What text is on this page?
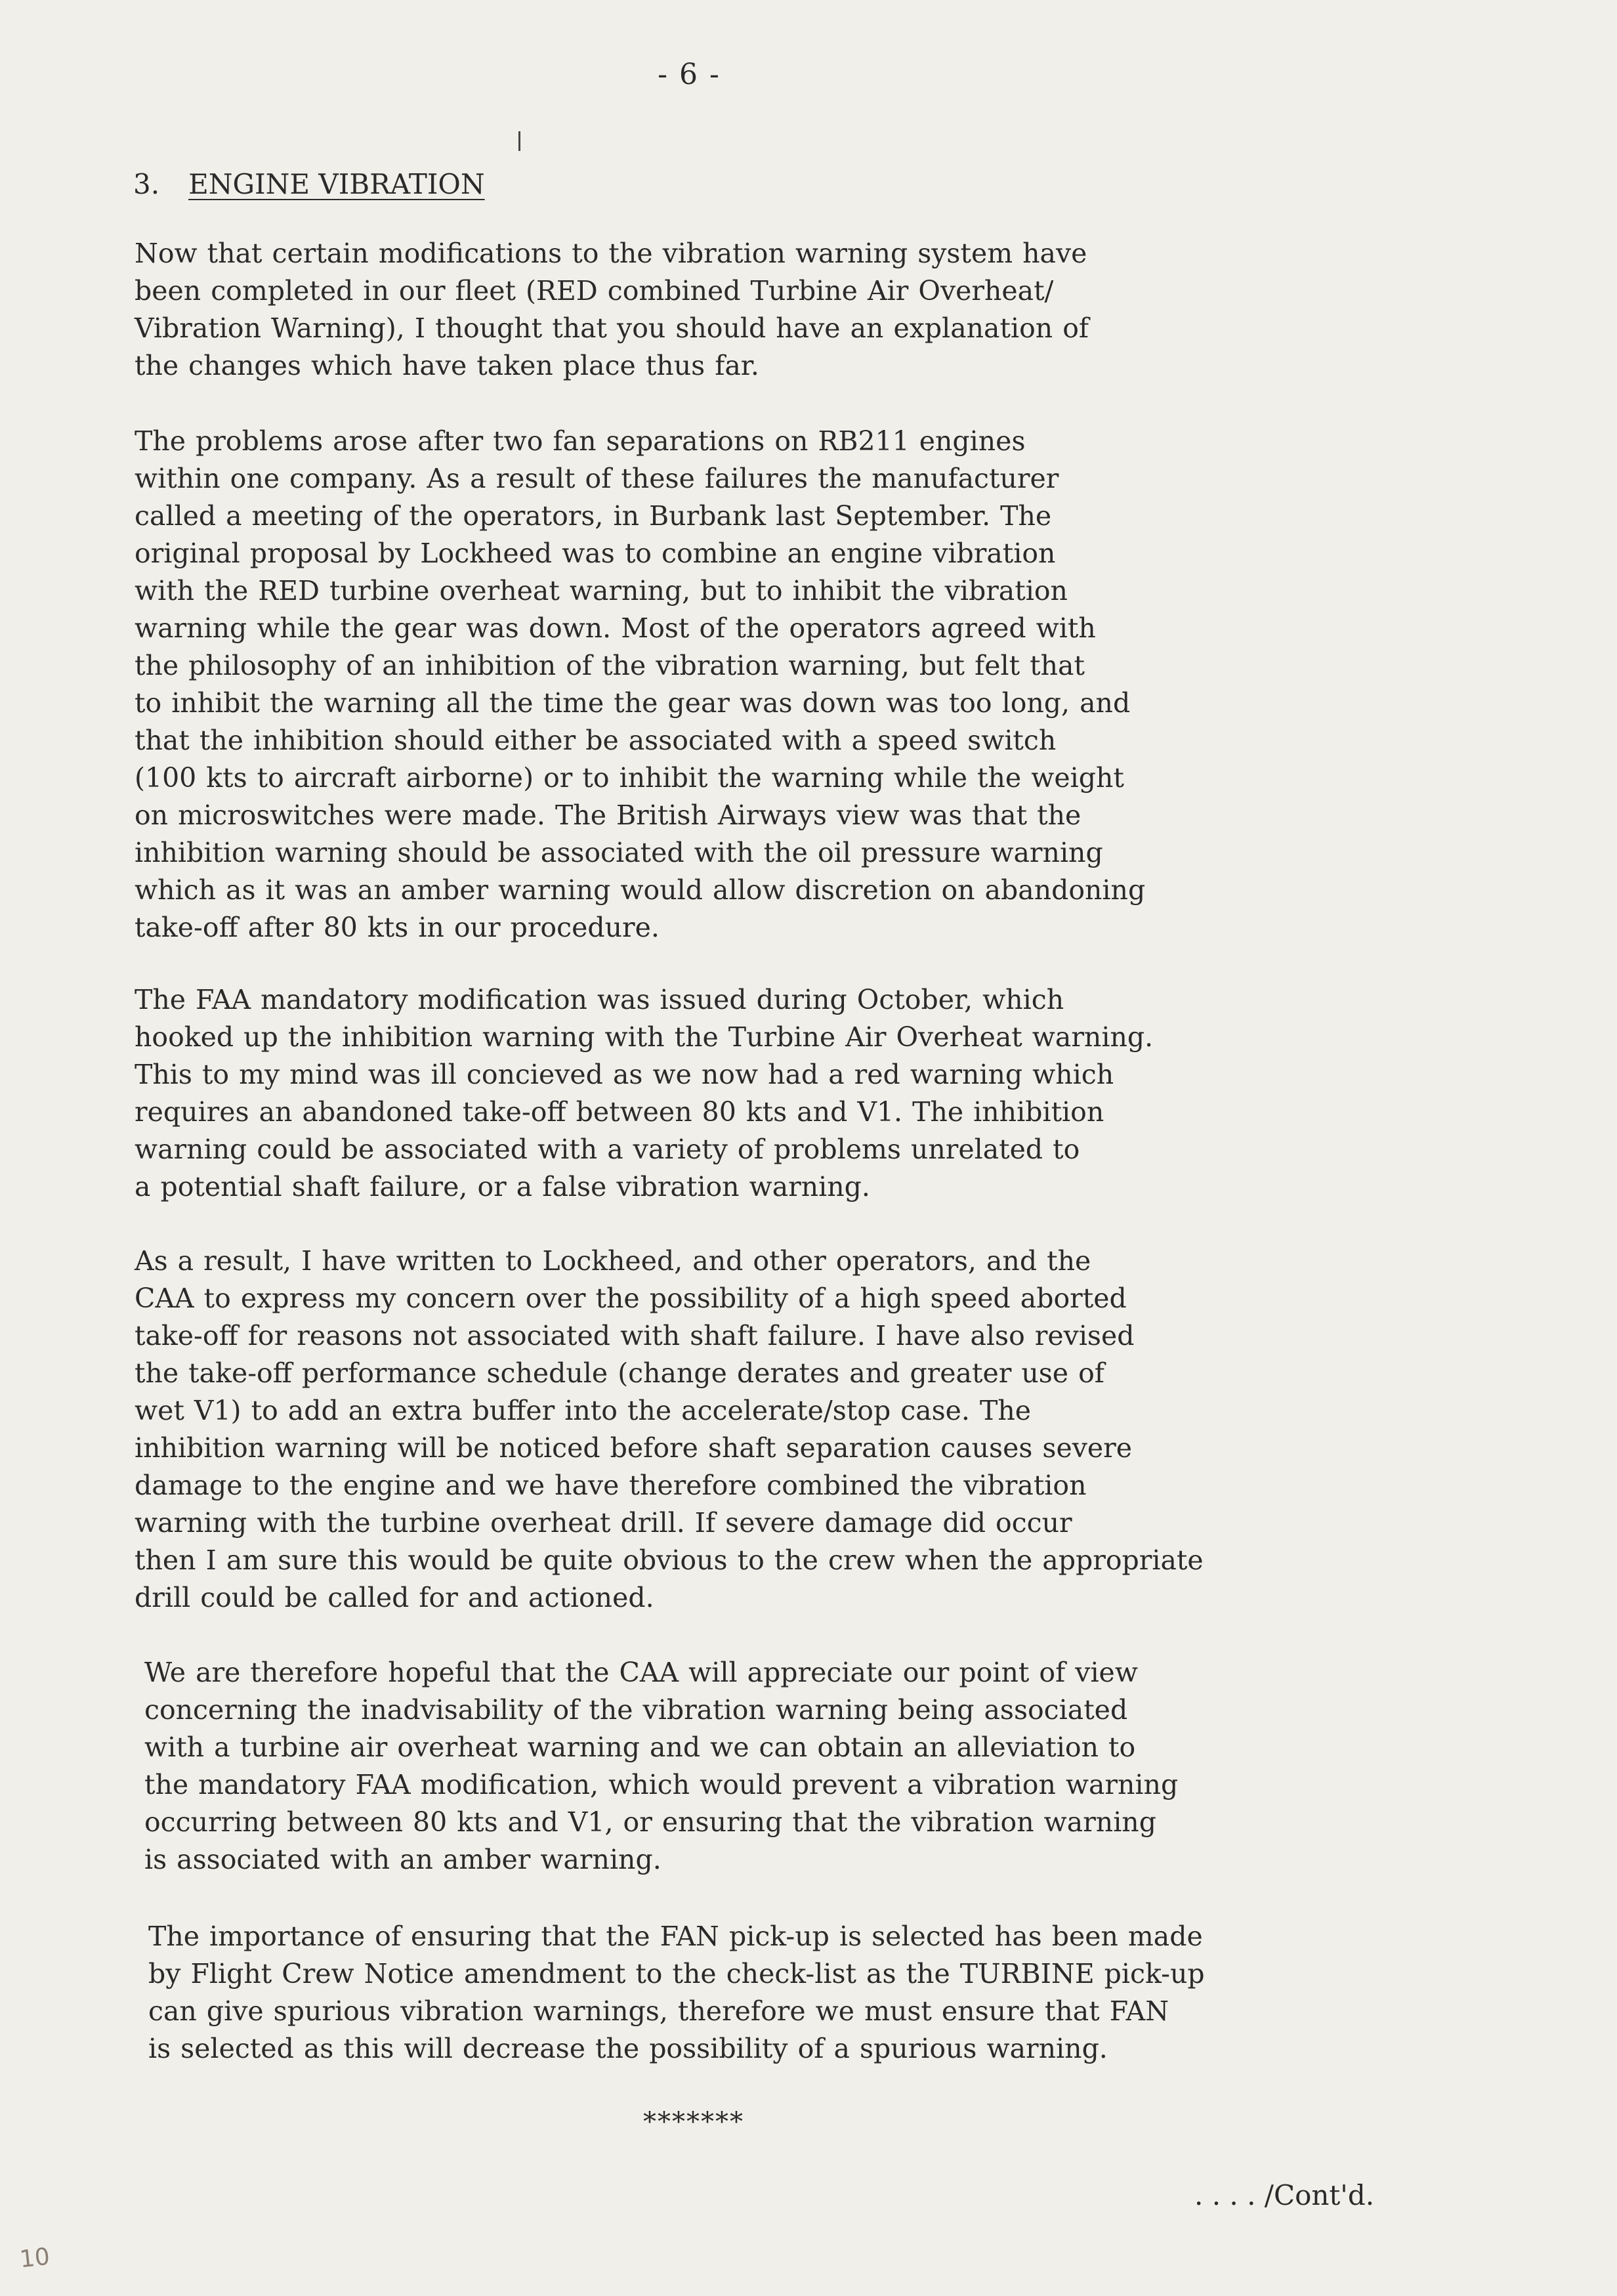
- 6 -
3. ENGINE VIBRATION

Now that certain modifications to the vibration warning system have
been completed in our fleet (RED combined Turbine Air Overheat/
Vibration Warning), I thought that you should have an explanation of
the changes which have taken place thus far.

The problems arose after two fan separations on RB211 engines
within one company. As a result of these failures the manufacturer
called a meeting of the operators, in Burbank last September. The
original proposal by Lockheed was to combine an engine vibration
with the RED turbine overheat warning, but to inhibit the vibration
warning while the gear was down. Most of the operators agreed with
the philosophy of an inhibition of the vibration warning, but felt that
to inhibit the warning all the time the gear was down was too long, and
that the inhibition should either be associated with a speed switch
(100 kts to aircraft airborne) or to inhibit the warning while the weight
on microswitches were made. The British Airways view was that the
inhibition warning should be associated with the oil pressure warning
which as it was an amber warning would allow discretion on abandoning
take-off after 80 kts in our procedure.

The FAA mandatory modification was issued during October, which
hooked up the inhibition warning with the Turbine Air Overheat warning.
This to my mind was ill concieved as we now had a red warning which
requires an abandoned take-off between 80 kts and V1. The inhibition
warning could be associated with a variety of problems unrelated to
a potential shaft failure, or a false vibration warning.

As a result, I have written to Lockheed, and other operators, and the
CAA to express my concern over the possibility of a high speed aborted
take-off for reasons not associated with shaft failure. I have also revised
the take-off performance schedule (change derates and greater use of
wet V1) to add an extra buffer into the accelerate/stop case. The
inhibition warning will be noticed before shaft separation causes severe
damage to the engine and we have therefore combined the vibration
warning with the turbine overheat drill. If severe damage did occur
then I am sure this would be quite obvious to the crew when the appropriate
drill could be called for and actioned.

We are therefore hopeful that the CAA will appreciate our point of view
concerning the inadvisability of the vibration warning being associated
with a turbine air overheat warning and we can obtain an alleviation to
the mandatory FAA modification, which would prevent a vibration warning
occurring between 80 kts and V1, or ensuring that the vibration warning
is associated with an amber warning.

The importance of ensuring that the FAN pick-up is selected has been made
by Flight Crew Notice amendment to the check-list as the TURBINE pick-up
can give spurious vibration warnings, therefore we must ensure that FAN
is selected as this will decrease the possibility of a spurious warning.

*******
. . . . /Cont'd.
10
